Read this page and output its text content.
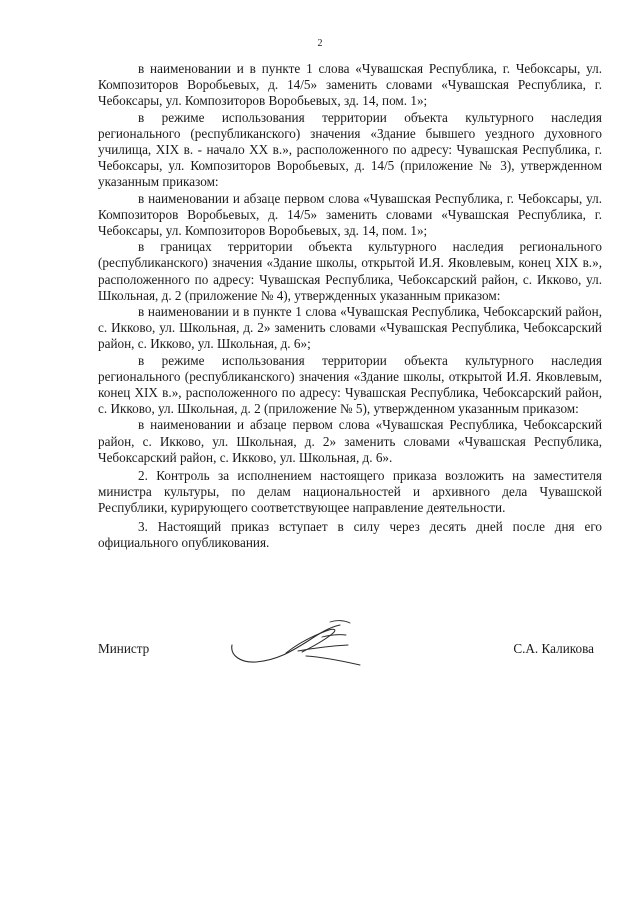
2

в наименовании и в пункте 1 слова «Чувашская Республика, г. Чебоксары, ул. Композиторов Воробьевых, д. 14/5» заменить словами «Чувашская Республика, г. Чебоксары, ул. Композиторов Воробьевых, зд. 14, пом. 1»;

в режиме использования территории объекта культурного наследия регионального (республиканского) значения «Здание бывшего уездного духовного училища, XIX в. - начало XX в.», расположенного по адресу: Чувашская Республика, г. Чебоксары, ул. Композиторов Воробьевых, д. 14/5 (приложение № 3), утвержденном указанным приказом:

в наименовании и абзаце первом слова «Чувашская Республика, г. Чебоксары, ул. Композиторов Воробьевых, д. 14/5» заменить словами «Чувашская Республика, г. Чебоксары, ул. Композиторов Воробьевых, зд. 14, пом. 1»;

в границах территории объекта культурного наследия регионального (республиканского) значения «Здание школы, открытой И.Я. Яковлевым, конец XIX в.», расположенного по адресу: Чувашская Республика, Чебоксарский район, с. Икково, ул. Школьная, д. 2 (приложение № 4), утвержденных указанным приказом:

в наименовании и в пункте 1 слова «Чувашская Республика, Чебоксарский район, с. Икково, ул. Школьная, д. 2» заменить словами «Чувашская Республика, Чебоксарский район, с. Икково, ул. Школьная, д. 6»;

в режиме использования территории объекта культурного наследия регионального (республиканского) значения «Здание школы, открытой И.Я. Яковлевым, конец XIX в.», расположенного по адресу: Чувашская Республика, Чебоксарский район, с. Икково, ул. Школьная, д. 2 (приложение № 5), утвержденном указанным приказом:

в наименовании и абзаце первом слова «Чувашская Республика, Чебоксарский район, с. Икково, ул. Школьная, д. 2» заменить словами «Чувашская Республика, Чебоксарский район, с. Икково, ул. Школьная, д. 6».

2. Контроль за исполнением настоящего приказа возложить на заместителя министра культуры, по делам национальностей и архивного дела Чувашской Республики, курирующего соответствующее направление деятельности.

3. Настоящий приказ вступает в силу через десять дней после дня его официального опубликования.

Министр	С.А. Каликова
